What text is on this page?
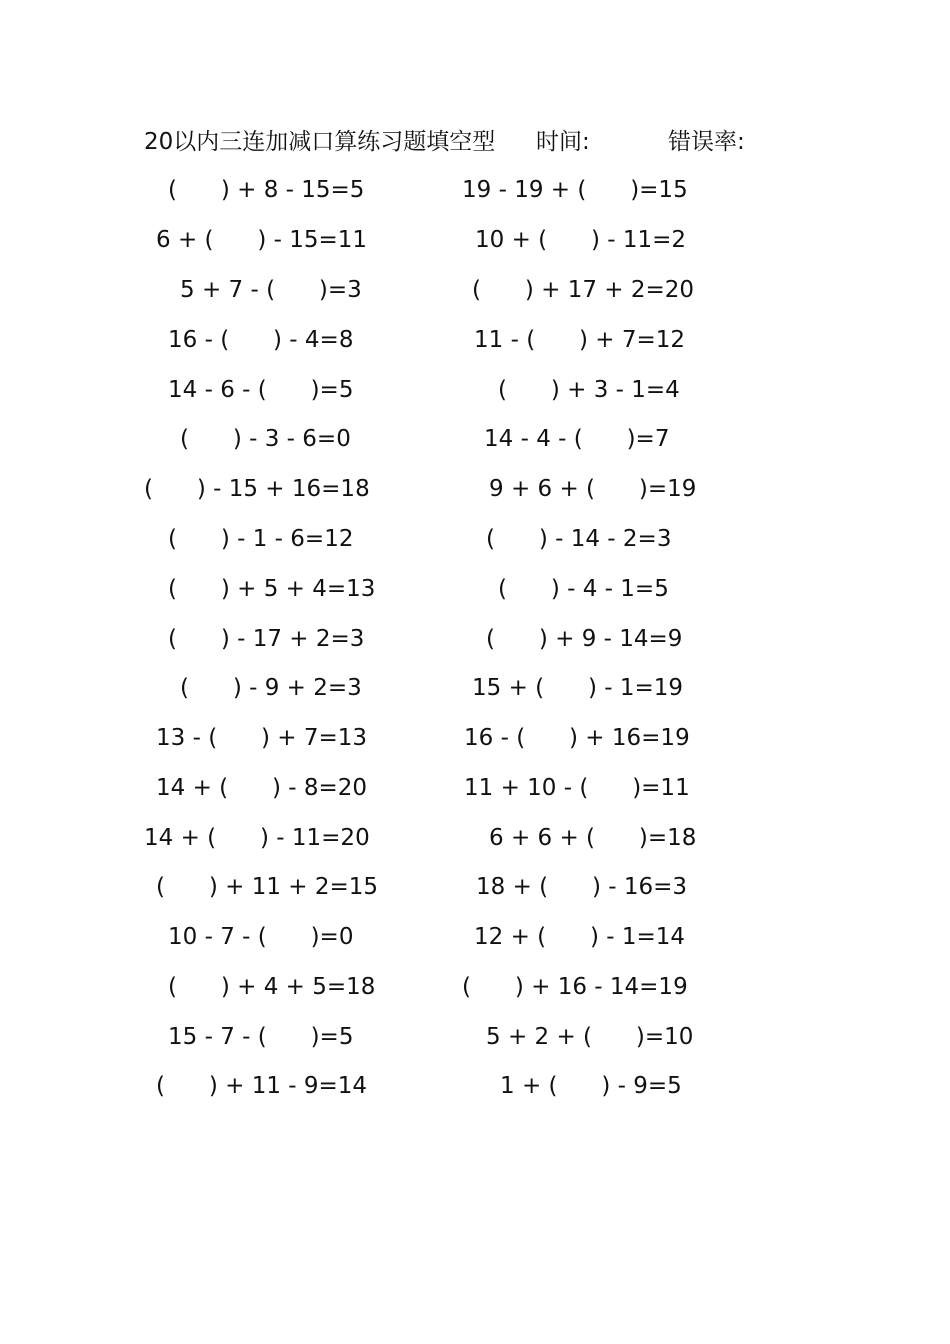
20以内三连加减口算练习题填空型 时间:	错误率:
(      ) + 8 - 15=5	19 - 19 + (      )=15
6 + (      ) - 15=11	10 + (      ) - 11=2
5 + 7 - (      )=3	(      ) + 17 + 2=20
16 - (      ) - 4=8	11 - (      ) + 7=12
14 - 6 - (      )=5	(      ) + 3 - 1=4
(      ) - 3 - 6=0	14 - 4 - (      )=7
(      ) - 15 + 16=18	9 + 6 + (      )=19
(      ) - 1 - 6=12	(      ) - 14 - 2=3
(      ) + 5 + 4=13	(      ) - 4 - 1=5
(      ) - 17 + 2=3	(      ) + 9 - 14=9
(      ) - 9 + 2=3	15 + (      ) - 1=19
13 - (      ) + 7=13	16 - (      ) + 16=19
14 + (      ) - 8=20	11 + 10 - (      )=11
14 + (      ) - 11=20	6 + 6 + (      )=18
(      ) + 11 + 2=15	18 + (      ) - 16=3
10 - 7 - (      )=0	12 + (      ) - 1=14
(      ) + 4 + 5=18	(      ) + 16 - 14=19
15 - 7 - (      )=5	5 + 2 + (      )=10
(      ) + 11 - 9=14	1 + (      ) - 9=5
